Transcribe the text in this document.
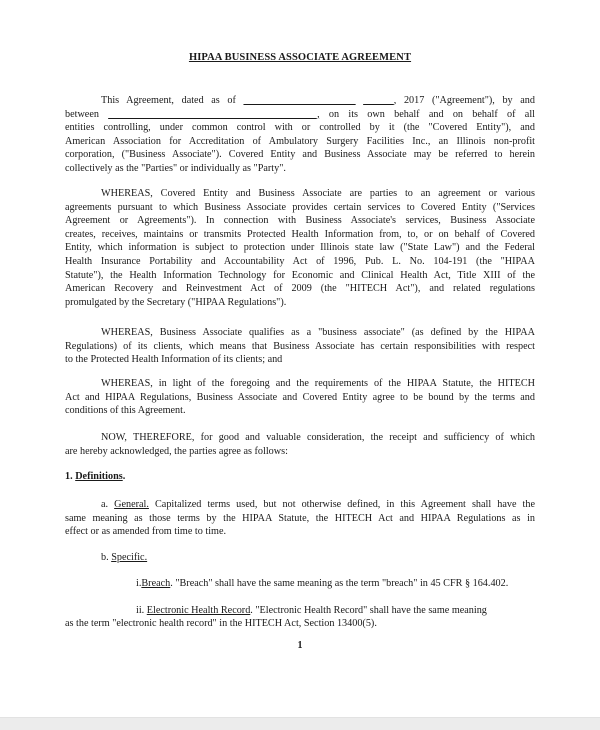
HIPAA BUSINESS ASSOCIATE AGREEMENT

This Agreement, dated as of ______________________ ______, 2017 ("Agreement"), by and

between _________________________________________, on its own behalf and on behalf of all

entities controlling, under common control with or controlled by it (the "Covered Entity"), and

American Association for Accreditation of Ambulatory Surgery Facilities Inc., an Illinois non-profit

corporation, ("Business Associate"). Covered Entity and Business Associate may be referred to herein

collectively as the "Parties" or individually as "Party".

WHEREAS, Covered Entity and Business Associate are parties to an agreement or various

agreements pursuant to which Business Associate provides certain services to Covered Entity ("Services

Agreement or Agreements"). In connection with Business Associate's services, Business Associate

creates, receives, maintains or transmits Protected Health Information from, to, or on behalf of Covered

Entity, which information is subject to protection under Illinois state law ("State Law") and the Federal

Health Insurance Portability and Accountability Act of 1996, Pub. L. No. 104-191 (the "HIPAA

Statute"), the Health Information Technology for Economic and Clinical Health Act, Title XIII of the

American Recovery and Reinvestment Act of 2009 (the "HITECH Act"), and related regulations

promulgated by the Secretary ("HIPAA Regulations").

WHEREAS, Business Associate qualifies as a "business associate" (as defined by the HIPAA

Regulations) of its clients, which means that Business Associate has certain responsibilities with respect

to the Protected Health Information of its clients; and

WHEREAS, in light of the foregoing and the requirements of the HIPAA Statute, the HITECH

Act and HIPAA Regulations, Business Associate and Covered Entity agree to be bound by the terms and

conditions of this Agreement.

NOW, THEREFORE, for good and valuable consideration, the receipt and sufficiency of which

are hereby acknowledged, the parties agree as follows:

1. Definitions.

a. General. Capitalized terms used, but not otherwise defined, in this Agreement shall have the

same meaning as those terms by the HIPAA Statute, the HITECH Act and HIPAA Regulations as in

effect or as amended from time to time.

b. Specific.
i.Breach. "Breach" shall have the same meaning as the term "breach" in 45 CFR § 164.402.
ii. Electronic Health Record. "Electronic Health Record" shall have the same meaning
as the term "electronic health record" in the HITECH Act, Section 13400(5).
1
